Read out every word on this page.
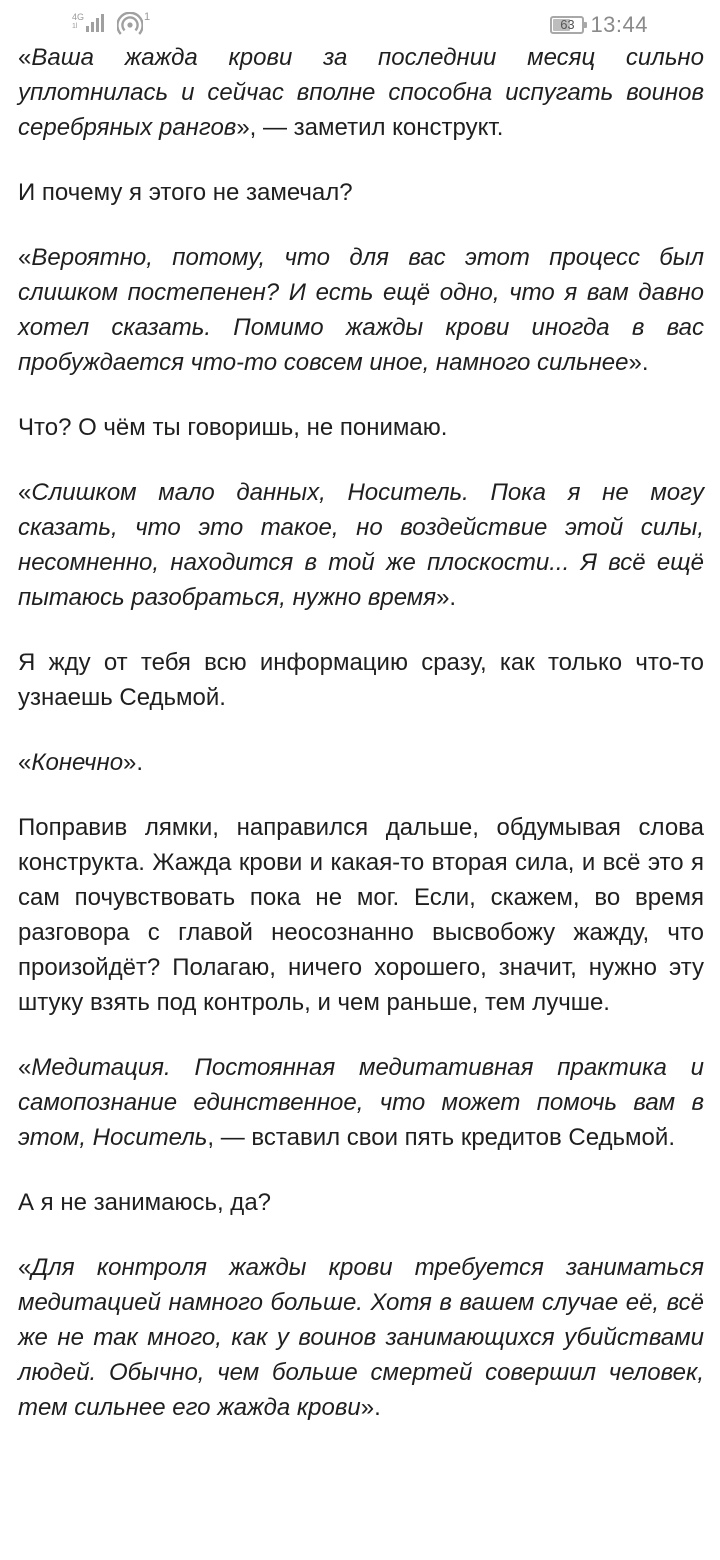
4G
1l
1	63 13:44

«Ваша жажда крови за последнии месяц сильно уплотнилась и сейчас вполне способна испугать воинов серебряных рангов», — заметил конструкт.

И почему я этого не замечал?

«Вероятно, потому, что для вас этот процесс был слишком постепенен? И есть ещё одно, что я вам давно хотел сказать. Помимо жажды крови иногда в вас пробуждается что-то совсем иное, намного сильнее».

Что? О чём ты говоришь, не понимаю.

«Слишком мало данных, Носитель. Пока я не могу сказать, что это такое, но воздействие этой силы, несомненно, находится в той же плоскости... Я всё ещё пытаюсь разобраться, нужно время».

Я жду от тебя всю информацию сразу, как только что-то узнаешь Седьмой.

«Конечно».

Поправив лямки, направился дальше, обдумывая слова конструкта. Жажда крови и какая-то вторая сила, и всё это я сам почувствовать пока не мог. Если, скажем, во время разговора с главой неосознанно высвобожу жажду, что произойдёт? Полагаю, ничего хорошего, значит, нужно эту штуку взять под контроль, и чем раньше, тем лучше.

«Медитация. Постоянная медитативная практика и самопознание единственное, что может помочь вам в этом, Носитель, — вставил свои пять кредитов Седьмой.

А я не занимаюсь, да?

«Для контроля жажды крови требуется заниматься медитацией намного больше. Хотя в вашем случае её, всё же не так много, как у воинов занимающихся убийствами людей. Обычно, чем больше смертей совершил человек, тем сильнее его жажда крови».
